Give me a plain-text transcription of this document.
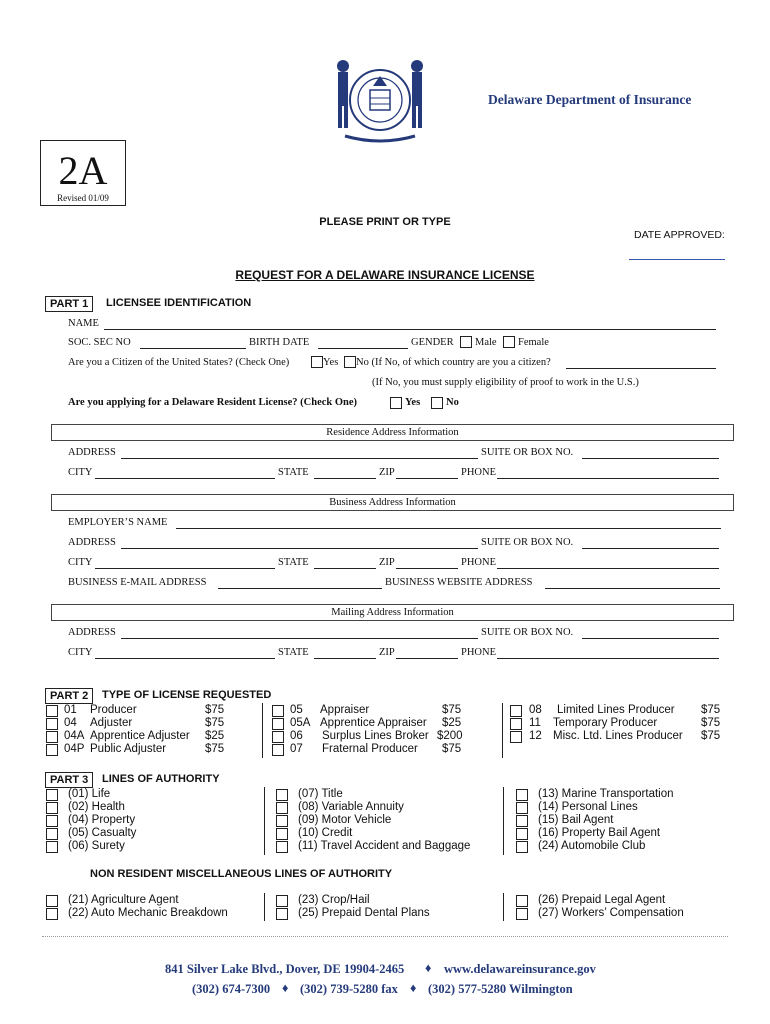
Delaware Department of Insurance
2A
Revised 01/09
PLEASE PRINT OR TYPE
DATE APPROVED:
REQUEST FOR A DELAWARE INSURANCE LICENSE
PART 1	LICENSEE IDENTIFICATION
NAME
SOC. SEC NO	BIRTH DATE	GENDER Male Female
Are you a Citizen of the United States? (Check One)	Yes No (If No, of which country are you a citizen?
(If No, you must supply eligibility of proof to work in the U.S.)
Are you applying for a Delaware Resident License? (Check One)	Yes No
Residence Address Information
ADDRESS	SUITE OR BOX NO.
CITY	STATE	ZIP	PHONE
Business Address Information
EMPLOYER’S NAME
ADDRESS	SUITE OR BOX NO.
CITY	STATE	ZIP	PHONE
BUSINESS E-MAIL ADDRESS	BUSINESS WEBSITE ADDRESS
Mailing Address Information
ADDRESS	SUITE OR BOX NO.
CITY	STATE	ZIP	PHONE
PART 2	TYPE OF LICENSE REQUESTED
01 Producer	$75
04 Adjuster	$75
04A Apprentice Adjuster $25
04P Public Adjuster	$75
05 Appraiser	$75
05A Apprentice Appraiser $25
06 Surplus Lines Broker $200
07 Fraternal Producer $75
08 Limited Lines Producer $75
11 Temporary Producer	$75
12 Misc. Ltd. Lines Producer $75
PART 3	LINES OF AUTHORITY
(01) Life
(02) Health
(04) Property
(05) Casualty
(06) Surety
(07) Title
(08) Variable Annuity
(09) Motor Vehicle
(10) Credit
(11) Travel Accident and Baggage
(13) Marine Transportation
(14) Personal Lines
(15) Bail Agent
(16) Property Bail Agent
(24) Automobile Club
NON RESIDENT MISCELLANEOUS LINES OF AUTHORITY
(21) Agriculture Agent
(22) Auto Mechanic Breakdown
(23) Crop/Hail
(25) Prepaid Dental Plans
(26) Prepaid Legal Agent
(27) Workers’ Compensation
841 Silver Lake Blvd., Dover, DE 19904-2465 ♦ www.delawareinsurance.gov
(302) 674-7300 ♦ (302) 739-5280 fax ♦ (302) 577-5280 Wilmington
